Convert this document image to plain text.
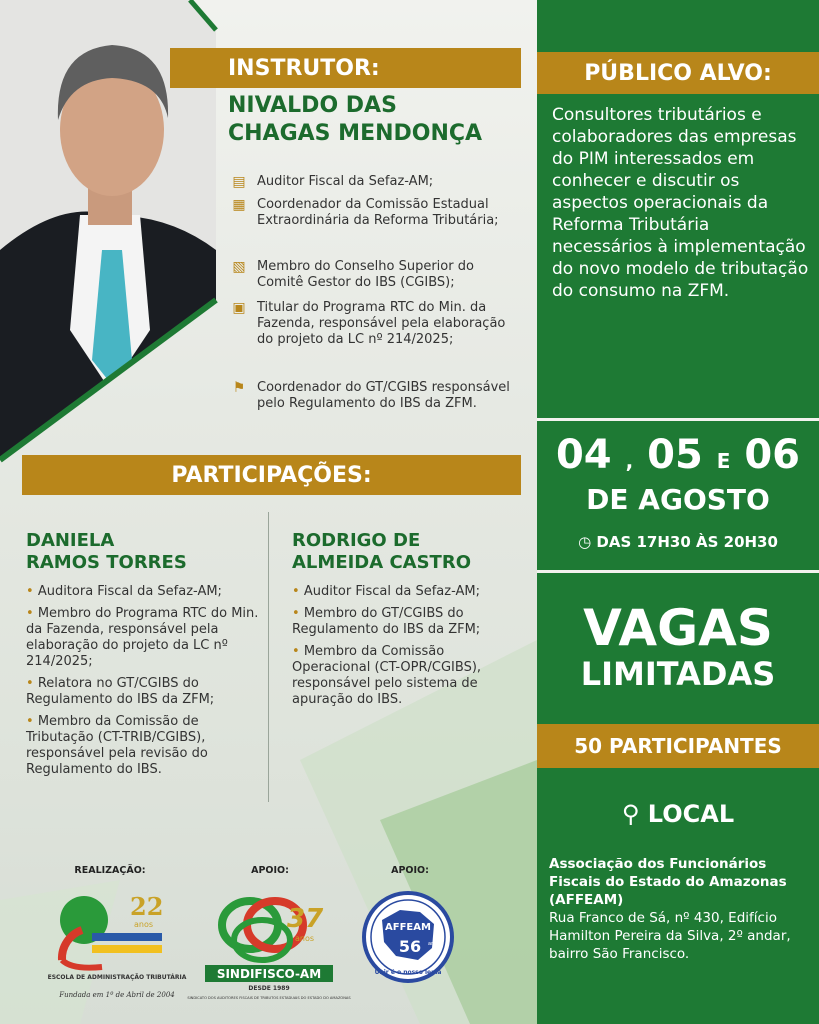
INSTRUTOR:
NIVALDO DAS
CHAGAS MENDONÇA
▤ Auditor Fiscal da Sefaz-AM;
▦ Coordenador da Comissão Estadual Extraordinária da Reforma Tributária;
▧ Membro do Conselho Superior do Comitê Gestor do IBS (CGIBS);
▣ Titular do Programa RTC do Min. da Fazenda, responsável pela elaboração do projeto da LC nº 214/2025;
⚑ Coordenador do GT/CGIBS responsável pelo Regulamento do IBS da ZFM.
PÚBLICO ALVO:
Consultores tributários e colaboradores das empresas do PIM interessados em conhecer e discutir os aspectos operacionais da Reforma Tributária necessários à implementação do novo modelo de tributação do consumo na ZFM.
04 , 05 E 06
DE AGOSTO
◷ DAS 17H30 ÀS 20H30
VAGAS
LIMITADAS
50 PARTICIPANTES
⚲ LOCAL
Associação dos Funcionários Fiscais do Estado do Amazonas (AFFEAM)
Rua Franco de Sá, nº 430, Edifício Hamilton Pereira da Silva, 2º andar, bairro São Francisco.
PARTICIPAÇÕES:
DANIELA
RAMOS TORRES
• Auditora Fiscal da Sefaz-AM;
• Membro do Programa RTC do Min. da Fazenda, responsável pela elaboração do projeto da LC nº 214/2025;
• Relatora no GT/CGIBS do Regulamento do IBS da ZFM;
• Membro da Comissão de Tributação (CT-TRIB/CGIBS), responsável pela revisão do Regulamento do IBS.
RODRIGO DE
ALMEIDA CASTRO
• Auditor Fiscal da Sefaz-AM;
• Membro do GT/CGIBS do Regulamento do IBS da ZFM;
• Membro da Comissão Operacional (CT-OPR/CGIBS), responsável pelo sistema de apuração do IBS.
REALIZAÇÃO:	APOIO:	APOIO:
22
anos
ESCOLA DE ADMINISTRAÇÃO TRIBUTÁRIA
Fundada em 1º de Abril de 2004
37
anos
SINDIFISCO-AM
DESDE 1989
SINDICATO DOS AUDITORES FISCAIS DE TRIBUTOS ESTADUAIS DO ESTADO DO AMAZONAS
AFFEAM
56 anos
Unir é o nosso lema
